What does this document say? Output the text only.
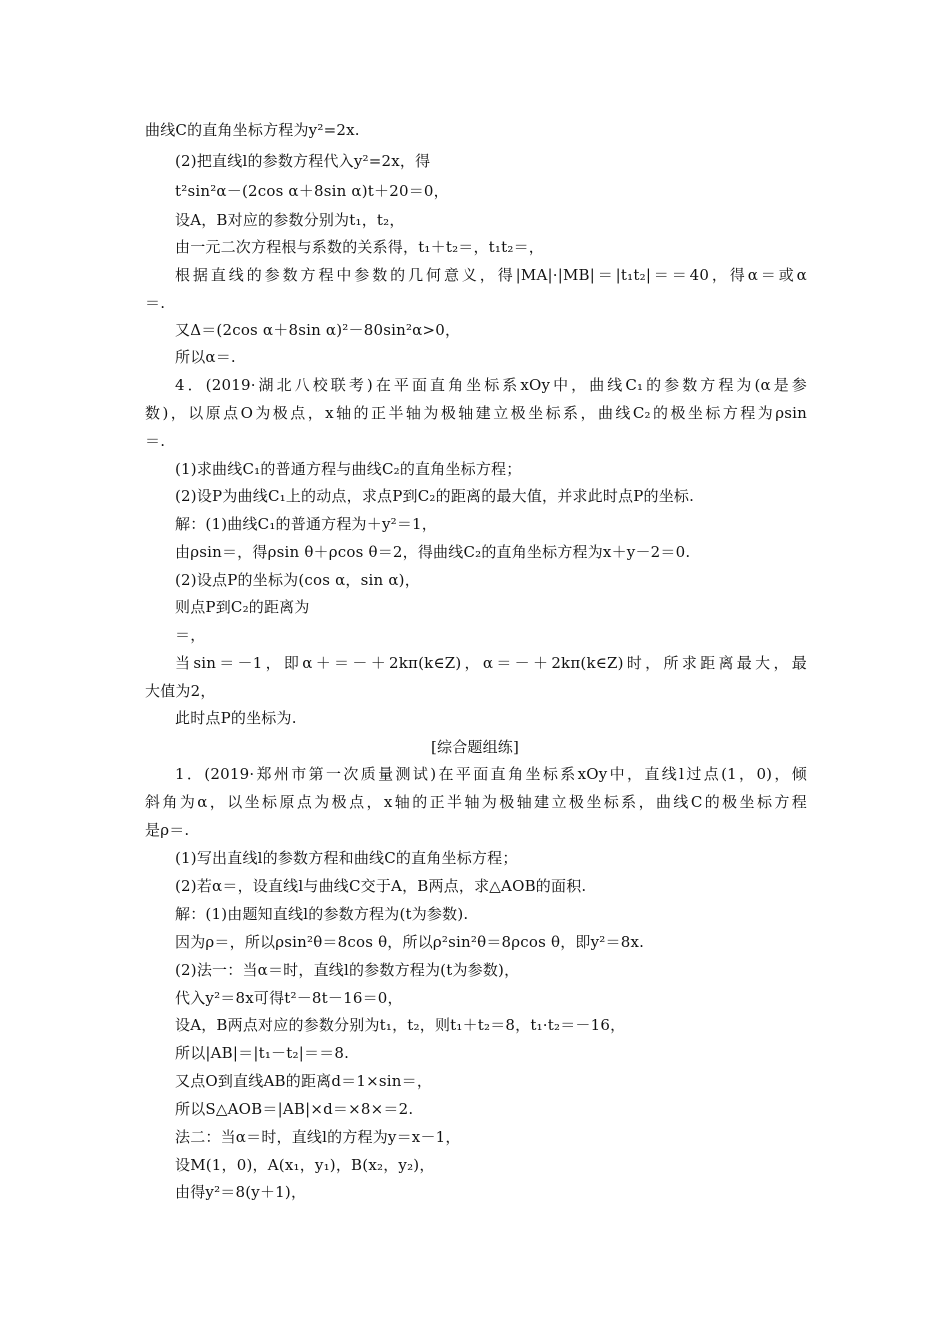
曲线C的直角坐标方程为y²=2x.
(2)把直线l的参数方程代入y²=2x，得
t²sin²α－(2cos α＋8sin α)t＋20＝0，
设A，B对应的参数分别为t₁，t₂，
由一元二次方程根与系数的关系得，t₁＋t₂＝，t₁t₂＝，
根据直线的参数方程中参数的几何意义，得|MA|·|MB|＝|t₁t₂|＝＝40，得α＝或α
＝.
又Δ＝(2cos α＋8sin α)²－80sin²α>0，
所以α＝.
4．(2019·湖北八校联考)在平面直角坐标系xOy中，曲线C₁的参数方程为(α是参
数)，以原点O为极点，x轴的正半轴为极轴建立极坐标系，曲线C₂的极坐标方程为ρsin
＝.
(1)求曲线C₁的普通方程与曲线C₂的直角坐标方程；
(2)设P为曲线C₁上的动点，求点P到C₂的距离的最大值，并求此时点P的坐标.
解：(1)曲线C₁的普通方程为＋y²＝1，
由ρsin＝，得ρsin θ＋ρcos θ＝2，得曲线C₂的直角坐标方程为x＋y－2＝0.
(2)设点P的坐标为(cos α，sin α)，
则点P到C₂的距离为
＝，
当sin＝－1，即α＋＝－＋2kπ(k∈Z)，α＝－＋2kπ(k∈Z)时，所求距离最大，最
大值为2，
此时点P的坐标为.
[综合题组练]
1．(2019·郑州市第一次质量测试)在平面直角坐标系xOy中，直线l过点(1，0)，倾
斜角为α，以坐标原点为极点，x轴的正半轴为极轴建立极坐标系，曲线C的极坐标方程
是ρ＝.
(1)写出直线l的参数方程和曲线C的直角坐标方程；
(2)若α＝，设直线l与曲线C交于A，B两点，求△AOB的面积.
解：(1)由题知直线l的参数方程为(t为参数).
因为ρ＝，所以ρsin²θ＝8cos θ，所以ρ²sin²θ＝8ρcos θ，即y²＝8x.
(2)法一：当α＝时，直线l的参数方程为(t为参数)，
代入y²＝8x可得t²－8t－16＝0，
设A，B两点对应的参数分别为t₁，t₂，则t₁＋t₂＝8，t₁·t₂＝－16，
所以|AB|＝|t₁－t₂|＝＝8.
又点O到直线AB的距离d＝1×sin＝，
所以S△AOB＝|AB|×d＝×8×＝2.
法二：当α＝时，直线l的方程为y＝x－1，
设M(1，0)，A(x₁，y₁)，B(x₂，y₂)，
由得y²＝8(y＋1)，
